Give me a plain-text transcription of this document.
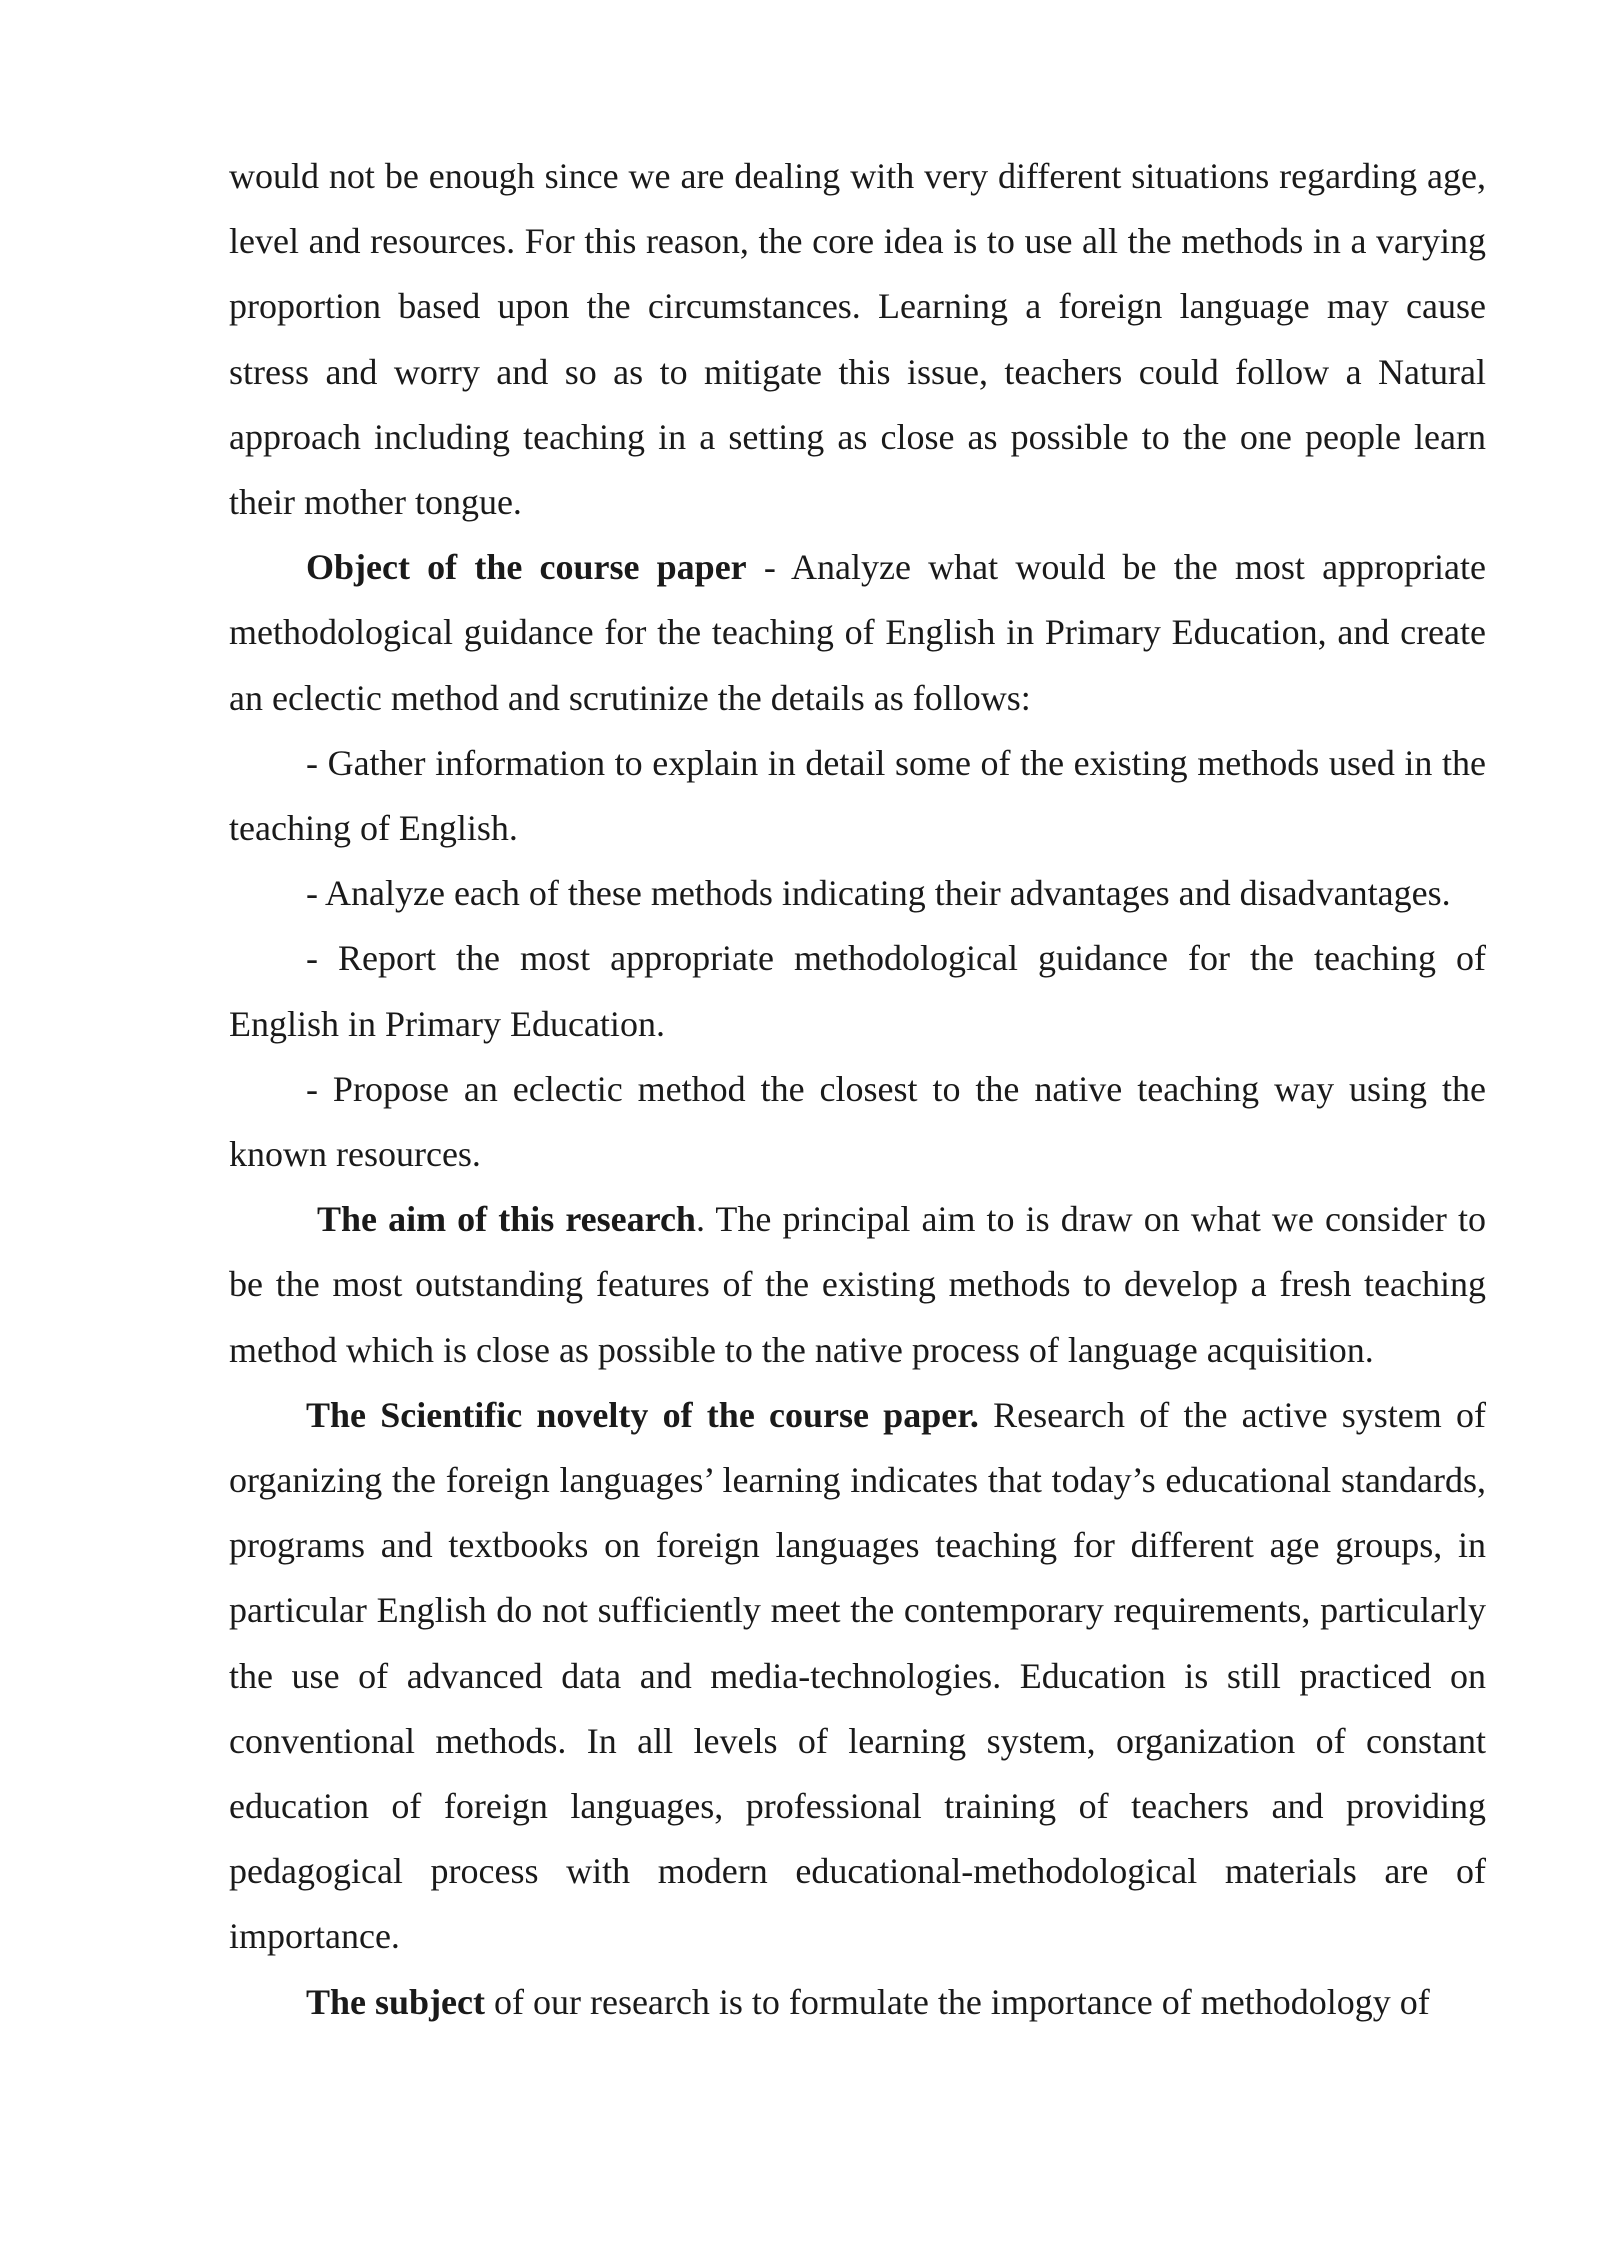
would not be enough since we are dealing with very different situations regarding age, level and resources. For this reason, the core idea is to use all the methods in a varying proportion based upon the circumstances. Learning a foreign language may cause stress and worry and so as to mitigate this issue, teachers could follow a Natural approach including teaching in a setting as close as possible to the one people learn their mother tongue.

Object of the course paper - Analyze what would be the most appropriate methodological guidance for the teaching of English in Primary Education, and create an eclectic method and scrutinize the details as follows:

- Gather information to explain in detail some of the existing methods used in the teaching of English.

- Analyze each of these methods indicating their advantages and disadvantages.

- Report the most appropriate methodological guidance for the teaching of English in Primary Education.

- Propose an eclectic method the closest to the native teaching way using the known resources.

The aim of this research. The principal aim to is draw on what we consider to be the most outstanding features of the existing methods to develop a fresh teaching method which is close as possible to the native process of language acquisition.

The Scientific novelty of the course paper. Research of the active system of organizing the foreign languages’ learning indicates that today’s educational standards, programs and textbooks on foreign languages teaching for different age groups, in particular English do not sufficiently meet the contemporary requirements, particularly the use of advanced data and media-technologies. Education is still practiced on conventional methods. In all levels of learning system, organization of constant education of foreign languages, professional training of teachers and providing pedagogical process with modern educational-methodological materials are of importance.

The subject of our research is to formulate the importance of methodology of
